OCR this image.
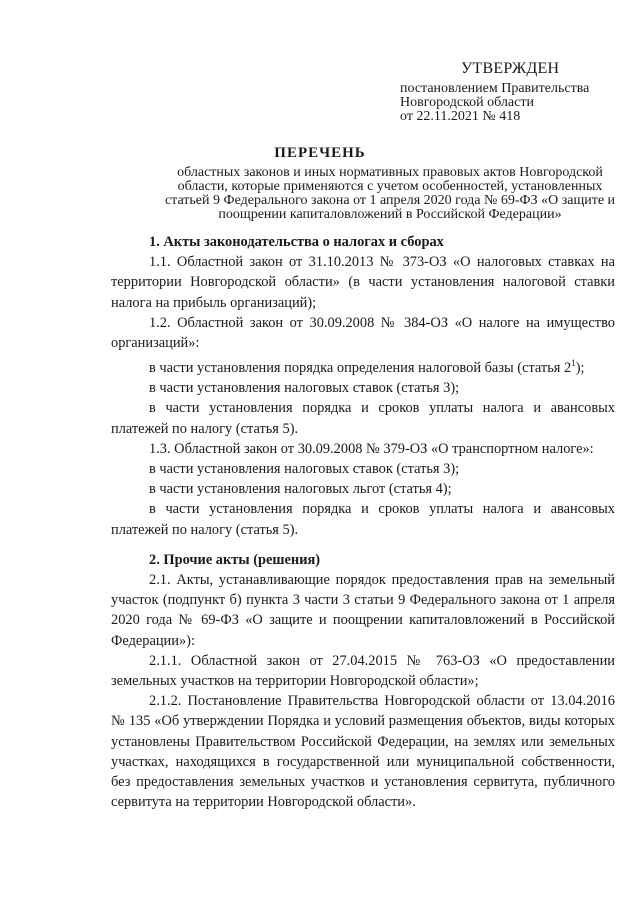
УТВЕРЖДЕН
постановлением Правительства
Новгородской области
от 22.11.2021 № 418
ПЕРЕЧЕНЬ
областных законов и иных нормативных правовых актов Новгородской
области, которые применяются с учетом особенностей, установленных
статьей 9 Федерального закона от 1 апреля 2020 года № 69-ФЗ «О защите и
поощрении капиталовложений в Российской Федерации»

1. Акты законодательства о налогах и сборах

1.1. Областной закон от 31.10.2013 № 373-ОЗ «О налоговых ставках на территории Новгородской области» (в части установления налоговой ставки налога на прибыль организаций);

1.2. Областной закон от 30.09.2008 № 384-ОЗ «О налоге на имущество организаций»:

в части установления порядка определения налоговой базы (статья $2^1$);

в части установления налоговых ставок (статья 3);

в части установления порядка и сроков уплаты налога и авансовых платежей по налогу (статья 5).

1.3. Областной закон от 30.09.2008 № 379-ОЗ «О транспортном налоге»:

в части установления налоговых ставок (статья 3);

в части установления налоговых льгот (статья 4);

в части установления порядка и сроков уплаты налога и авансовых платежей по налогу (статья 5).

2. Прочие акты (решения)

2.1. Акты, устанавливающие порядок предоставления прав на земельный участок (подпункт б) пункта 3 части 3 статьи 9 Федерального закона от 1 апреля 2020 года № 69-ФЗ «О защите и поощрении капиталовложений в Российской Федерации»):

2.1.1. Областной закон от 27.04.2015 № 763-ОЗ «О предоставлении земельных участков на территории Новгородской области»;

2.1.2. Постановление Правительства Новгородской области от 13.04.2016 № 135 «Об утверждении Порядка и условий размещения объектов, виды которых установлены Правительством Российской Федерации, на землях или земельных участках, находящихся в государственной или муниципальной собственности, без предоставления земельных участков и установления сервитута, публичного сервитута на территории Новгородской области».
